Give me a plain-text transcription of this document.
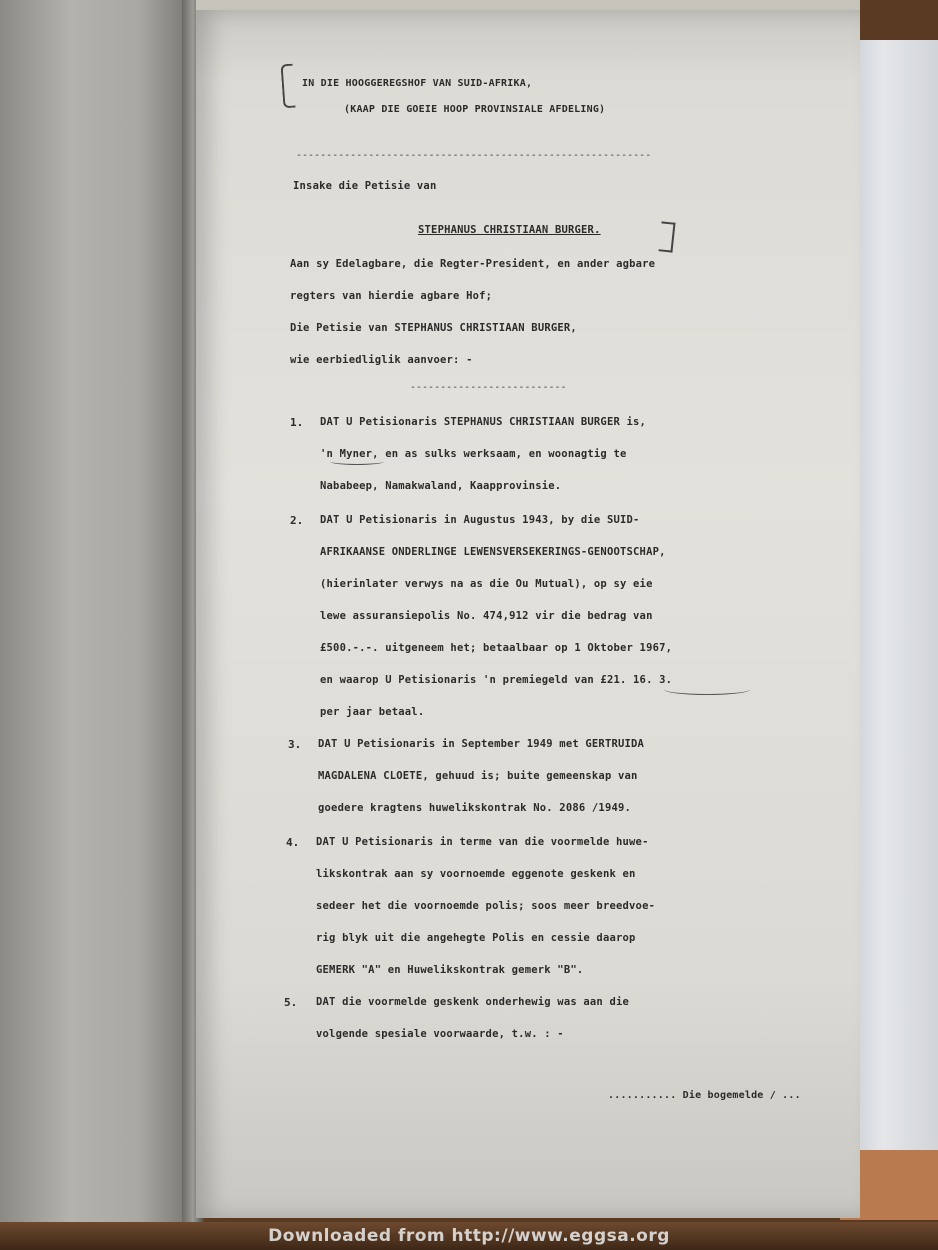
IN DIE HOOGGEREGSHOF VAN SUID-AFRIKA,
(KAAP DIE GOEIE HOOP PROVINSIALE AFDELING)
-----------------------------------------------------------
Insake die Petisie van
STEPHANUS CHRISTIAAN BURGER.
Aan sy Edelagbare, die Regter-President, en ander agbare
regters van hierdie agbare Hof;
Die Petisie van STEPHANUS CHRISTIAAN BURGER,
wie eerbiedliglik aanvoer: -
--------------------------
1. DAT U Petisionaris STEPHANUS CHRISTIAAN BURGER is,
'n Myner, en as sulks werksaam, en woonagtig te
Nababeep, Namakwaland, Kaapprovinsie.
2. DAT U Petisionaris in Augustus 1943, by die SUID-
AFRIKAANSE ONDERLINGE LEWENSVERSEKERINGS-GENOOTSCHAP,
(hierinlater verwys na as die Ou Mutual), op sy eie
lewe assuransiepolis No. 474,912 vir die bedrag van
£500.-.-. uitgeneem het; betaalbaar op 1 Oktober 1967,
en waarop U Petisionaris 'n premiegeld van £21. 16. 3.
per jaar betaal.
3. DAT U Petisionaris in September 1949 met GERTRUIDA
MAGDALENA CLOETE, gehuud is; buite gemeenskap van
goedere kragtens huwelikskontrak No. 2086 /1949.
4. DAT U Petisionaris in terme van die voormelde huwe-
likskontrak aan sy voornoemde eggenote geskenk en
sedeer het die voornoemde polis; soos meer breedvoe-
rig blyk uit die angehegte Polis en cessie daarop
GEMERK "A" en Huwelikskontrak gemerk "B".
5. DAT die voormelde geskenk onderhewig was aan die
volgende spesiale voorwaarde, t.w. : -
........... Die bogemelde / ...
Downloaded from http://www.eggsa.org
